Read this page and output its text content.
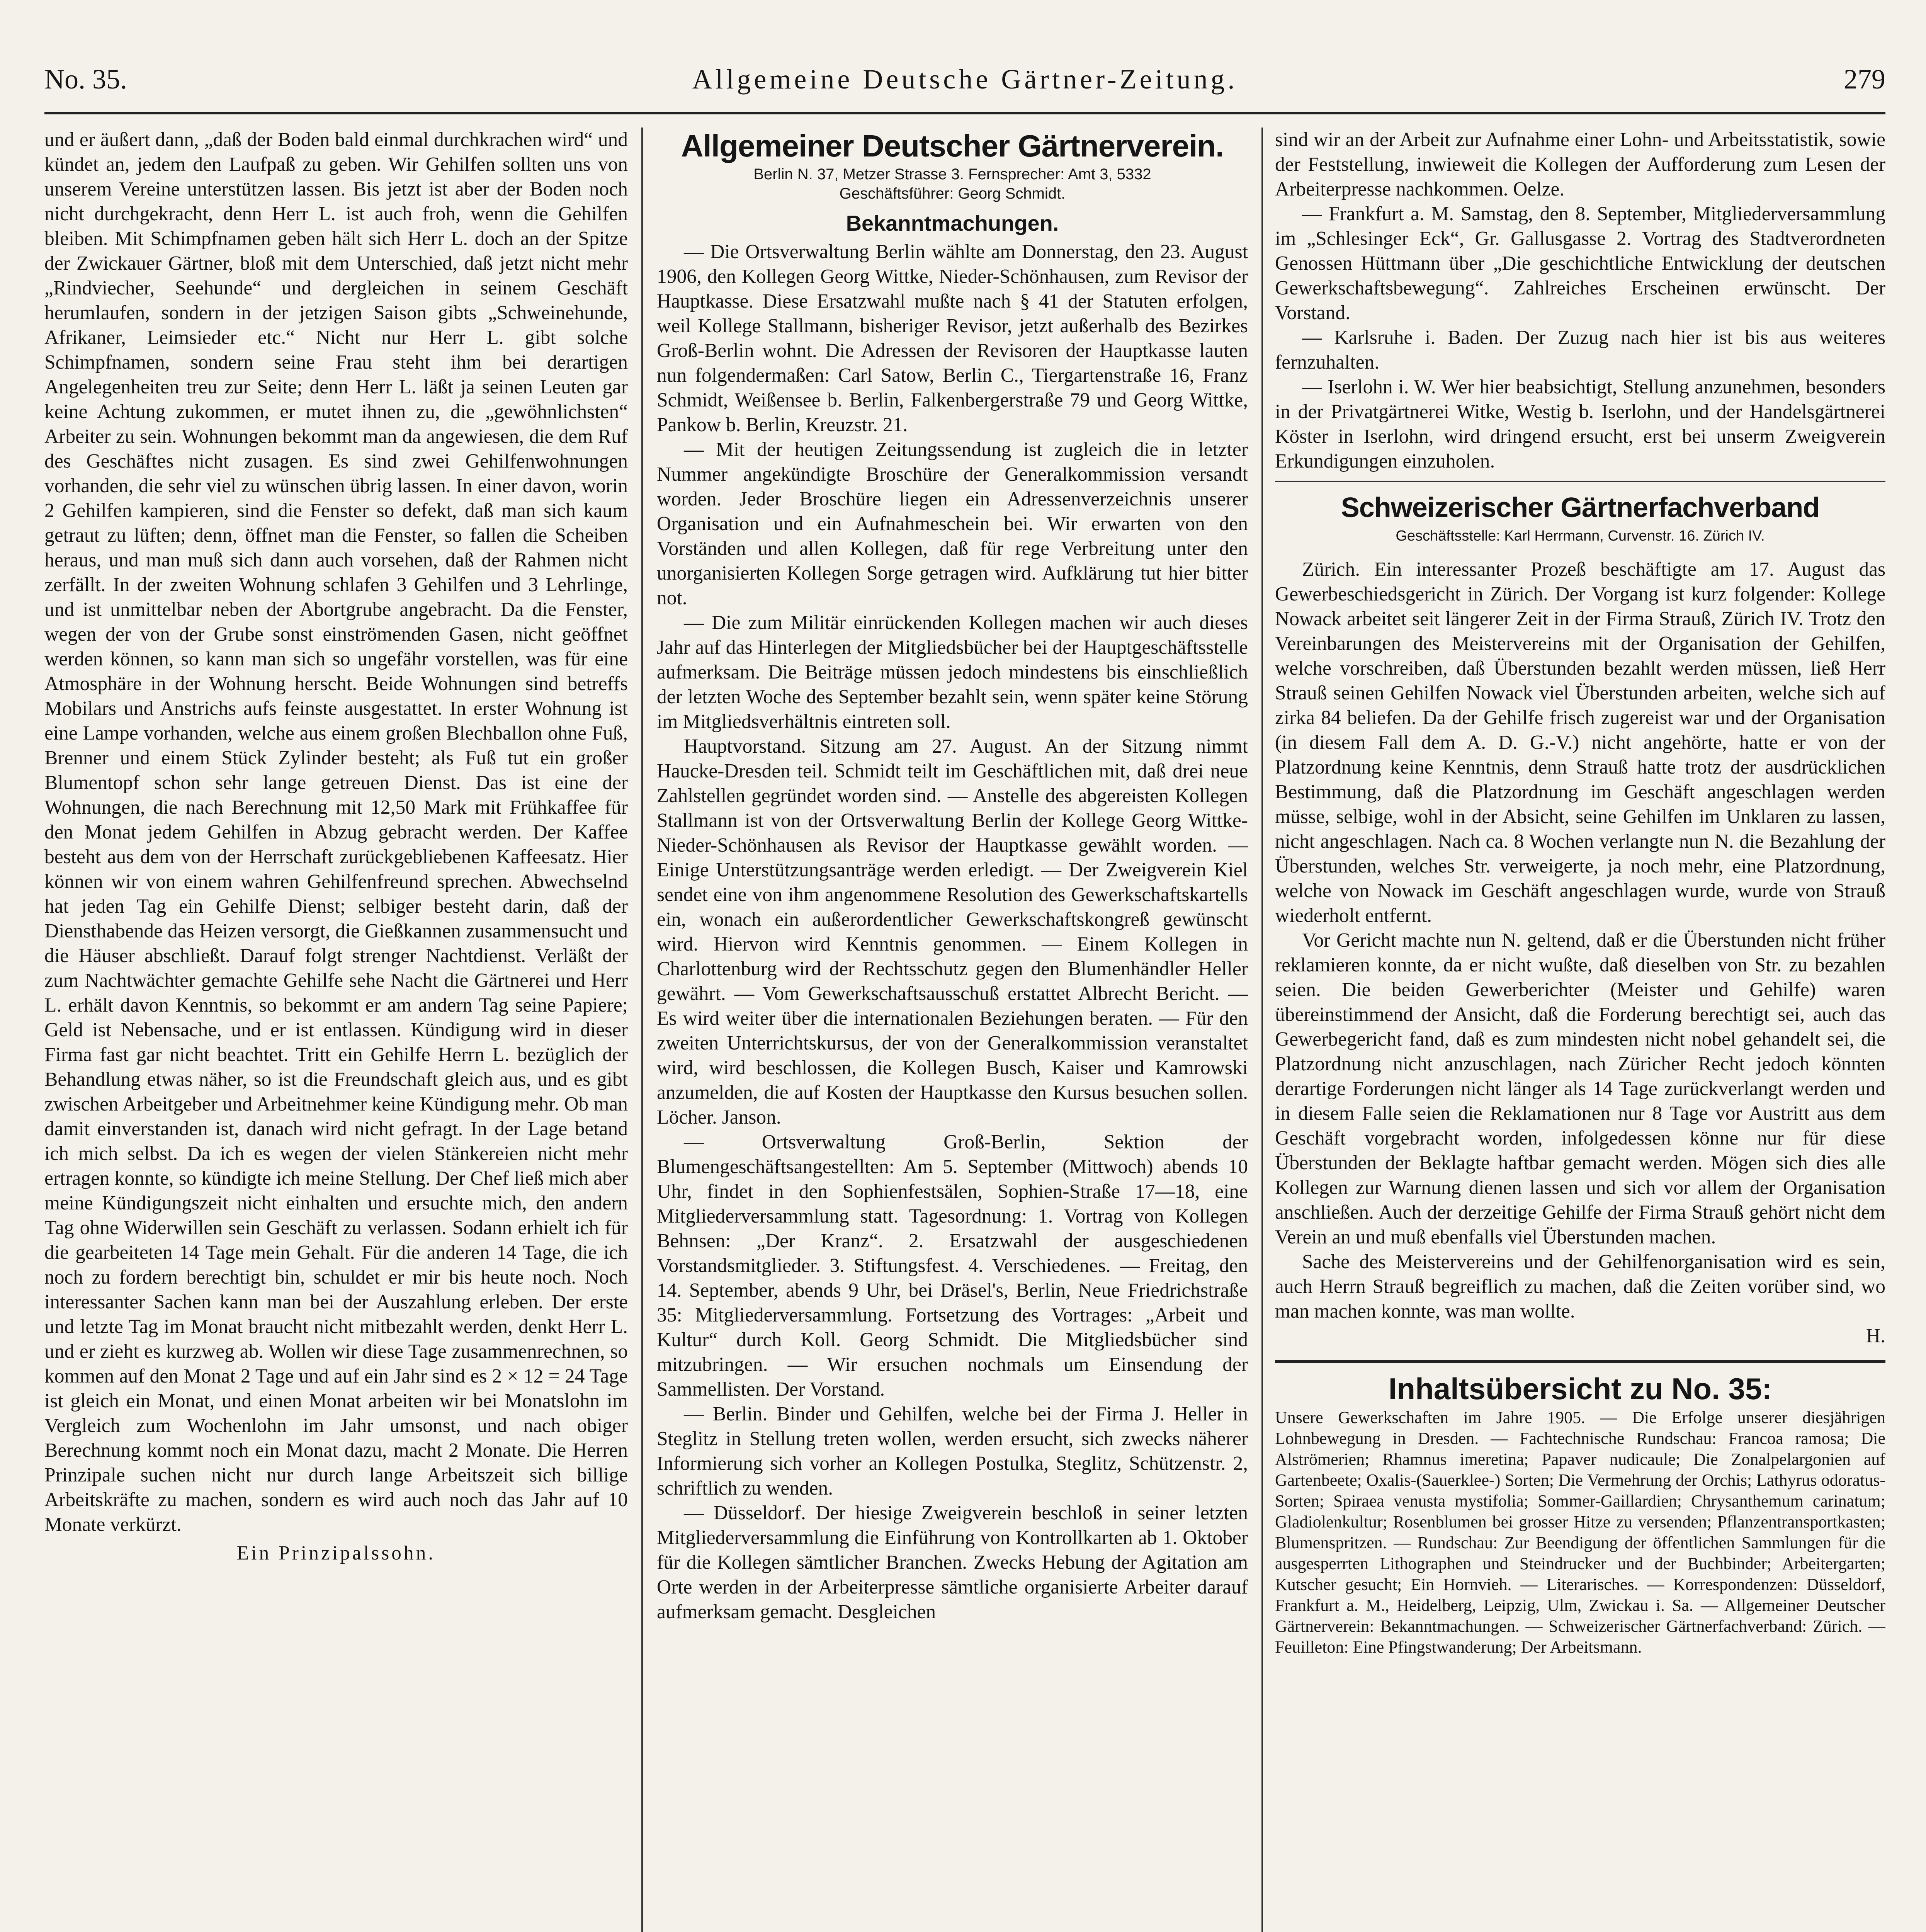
No. 35.	Allgemeine Deutsche Gärtner-Zeitung.	279

und er äußert dann, „daß der Boden bald einmal durchkrachen wird“ und kündet an, jedem den Laufpaß zu geben. Wir Gehilfen sollten uns von unserem Vereine unterstützen lassen. Bis jetzt ist aber der Boden noch nicht durchgekracht, denn Herr L. ist auch froh, wenn die Gehilfen bleiben. Mit Schimpfnamen geben hält sich Herr L. doch an der Spitze der Zwickauer Gärtner, bloß mit dem Unterschied, daß jetzt nicht mehr „Rindviecher, Seehunde“ und dergleichen in seinem Geschäft herumlaufen, sondern in der jetzigen Saison gibts „Schweinehunde, Afrikaner, Leimsieder etc.“ Nicht nur Herr L. gibt solche Schimpfnamen, sondern seine Frau steht ihm bei derartigen Angelegenheiten treu zur Seite; denn Herr L. läßt ja seinen Leuten gar keine Achtung zukommen, er mutet ihnen zu, die „gewöhnlichsten“ Arbeiter zu sein. Wohnungen bekommt man da angewiesen, die dem Ruf des Geschäftes nicht zusagen. Es sind zwei Gehilfenwohnungen vorhanden, die sehr viel zu wünschen übrig lassen. In einer davon, worin 2 Gehilfen kampieren, sind die Fenster so defekt, daß man sich kaum getraut zu lüften; denn, öffnet man die Fenster, so fallen die Scheiben heraus, und man muß sich dann auch vorsehen, daß der Rahmen nicht zerfällt. In der zweiten Wohnung schlafen 3 Gehilfen und 3 Lehrlinge, und ist unmittelbar neben der Abortgrube angebracht. Da die Fenster, wegen der von der Grube sonst einströmenden Gasen, nicht geöffnet werden können, so kann man sich so ungefähr vorstellen, was für eine Atmosphäre in der Wohnung herscht. Beide Wohnungen sind betreffs Mobilars und Anstrichs aufs feinste ausgestattet. In erster Wohnung ist eine Lampe vorhanden, welche aus einem großen Blechballon ohne Fuß, Brenner und einem Stück Zylinder besteht; als Fuß tut ein großer Blumentopf schon sehr lange getreuen Dienst. Das ist eine der Wohnungen, die nach Berechnung mit 12,50 Mark mit Frühkaffee für den Monat jedem Gehilfen in Abzug gebracht werden. Der Kaffee besteht aus dem von der Herrschaft zurückgebliebenen Kaffeesatz. Hier können wir von einem wahren Gehilfenfreund sprechen. Abwechselnd hat jeden Tag ein Gehilfe Dienst; selbiger besteht darin, daß der Diensthabende das Heizen versorgt, die Gießkannen zusammensucht und die Häuser abschließt. Darauf folgt strenger Nachtdienst. Verläßt der zum Nachtwächter gemachte Gehilfe sehe Nacht die Gärtnerei und Herr L. erhält davon Kenntnis, so bekommt er am andern Tag seine Papiere; Geld ist Nebensache, und er ist entlassen. Kündigung wird in dieser Firma fast gar nicht beachtet. Tritt ein Gehilfe Herrn L. bezüglich der Behandlung etwas näher, so ist die Freundschaft gleich aus, und es gibt zwischen Arbeitgeber und Arbeitnehmer keine Kündigung mehr. Ob man damit einverstanden ist, danach wird nicht gefragt. In der Lage betand ich mich selbst. Da ich es wegen der vielen Stänkereien nicht mehr ertragen konnte, so kündigte ich meine Stellung. Der Chef ließ mich aber meine Kündigungszeit nicht einhalten und ersuchte mich, den andern Tag ohne Widerwillen sein Geschäft zu verlassen. Sodann erhielt ich für die gearbeiteten 14 Tage mein Gehalt. Für die anderen 14 Tage, die ich noch zu fordern berechtigt bin, schuldet er mir bis heute noch. Noch interessanter Sachen kann man bei der Auszahlung erleben. Der erste und letzte Tag im Monat braucht nicht mitbezahlt werden, denkt Herr L. und er zieht es kurzweg ab. Wollen wir diese Tage zusammenrechnen, so kommen auf den Monat 2 Tage und auf ein Jahr sind es 2 × 12 = 24 Tage ist gleich ein Monat, und einen Monat arbeiten wir bei Monatslohn im Vergleich zum Wochenlohn im Jahr umsonst, und nach obiger Berechnung kommt noch ein Monat dazu, macht 2 Monate. Die Herren Prinzipale suchen nicht nur durch lange Arbeitszeit sich billige Arbeitskräfte zu machen, sondern es wird auch noch das Jahr auf 10 Monate verkürzt.

Ein Prinzipalssohn.

Allgemeiner Deutscher Gärtnerverein.
Berlin N. 37, Metzer Strasse 3. Fernsprecher: Amt 3, 5332
Geschäftsführer: Georg Schmidt.
Bekanntmachungen.

— Die Ortsverwaltung Berlin wählte am Donnerstag, den 23. August 1906, den Kollegen Georg Wittke, Nieder-Schönhausen, zum Revisor der Hauptkasse. Diese Ersatzwahl mußte nach § 41 der Statuten erfolgen, weil Kollege Stallmann, bisheriger Revisor, jetzt außerhalb des Bezirkes Groß-Berlin wohnt. Die Adressen der Revisoren der Hauptkasse lauten nun folgendermaßen: Carl Satow, Berlin C., Tiergartenstraße 16, Franz Schmidt, Weißensee b. Berlin, Falkenbergerstraße 79 und Georg Wittke, Pankow b. Berlin, Kreuzstr. 21.

— Mit der heutigen Zeitungssendung ist zugleich die in letzter Nummer angekündigte Broschüre der Generalkommission versandt worden. Jeder Broschüre liegen ein Adressenverzeichnis unserer Organisation und ein Aufnahmeschein bei. Wir erwarten von den Vorständen und allen Kollegen, daß für rege Verbreitung unter den unorganisierten Kollegen Sorge getragen wird. Aufklärung tut hier bitter not.

— Die zum Militär einrückenden Kollegen machen wir auch dieses Jahr auf das Hinterlegen der Mitgliedsbücher bei der Hauptgeschäftsstelle aufmerksam. Die Beiträge müssen jedoch mindestens bis einschließlich der letzten Woche des September bezahlt sein, wenn später keine Störung im Mitgliedsverhältnis eintreten soll.

Hauptvorstand. Sitzung am 27. August. An der Sitzung nimmt Haucke-Dresden teil. Schmidt teilt im Geschäftlichen mit, daß drei neue Zahlstellen gegründet worden sind. — Anstelle des abgereisten Kollegen Stallmann ist von der Ortsverwaltung Berlin der Kollege Georg Wittke-Nieder-Schönhausen als Revisor der Hauptkasse gewählt worden. — Einige Unterstützungsanträge werden erledigt. — Der Zweigverein Kiel sendet eine von ihm angenommene Resolution des Gewerkschaftskartells ein, wonach ein außerordentlicher Gewerkschaftskongreß gewünscht wird. Hiervon wird Kenntnis genommen. — Einem Kollegen in Charlottenburg wird der Rechtsschutz gegen den Blumenhändler Heller gewährt. — Vom Gewerkschaftsausschuß erstattet Albrecht Bericht. — Es wird weiter über die internationalen Beziehungen beraten. — Für den zweiten Unterrichtskursus, der von der Generalkommission veranstaltet wird, wird beschlossen, die Kollegen Busch, Kaiser und Kamrowski anzumelden, die auf Kosten der Hauptkasse den Kursus besuchen sollen. Löcher. Janson.

— Ortsverwaltung Groß-Berlin, Sektion der Blumengeschäftsangestellten: Am 5. September (Mittwoch) abends 10 Uhr, findet in den Sophienfestsälen, Sophien-Straße 17—18, eine Mitgliederversammlung statt. Tagesordnung: 1. Vortrag von Kollegen Behnsen: „Der Kranz“. 2. Ersatzwahl der ausgeschiedenen Vorstandsmitglieder. 3. Stiftungsfest. 4. Verschiedenes. — Freitag, den 14. September, abends 9 Uhr, bei Dräsel's, Berlin, Neue Friedrichstraße 35: Mitgliederversammlung. Fortsetzung des Vortrages: „Arbeit und Kultur“ durch Koll. Georg Schmidt. Die Mitgliedsbücher sind mitzubringen. — Wir ersuchen nochmals um Einsendung der Sammellisten. Der Vorstand.

— Berlin. Binder und Gehilfen, welche bei der Firma J. Heller in Steglitz in Stellung treten wollen, werden ersucht, sich zwecks näherer Informierung sich vorher an Kollegen Postulka, Steglitz, Schützenstr. 2, schriftlich zu wenden.

— Düsseldorf. Der hiesige Zweigverein beschloß in seiner letzten Mitgliederversammlung die Einführung von Kontrollkarten ab 1. Oktober für die Kollegen sämtlicher Branchen. Zwecks Hebung der Agitation am Orte werden in der Arbeiterpresse sämtliche organisierte Arbeiter darauf aufmerksam gemacht. Desgleichen

sind wir an der Arbeit zur Aufnahme einer Lohn- und Arbeitsstatistik, sowie der Feststellung, inwieweit die Kollegen der Aufforderung zum Lesen der Arbeiterpresse nachkommen. Oelze.

— Frankfurt a. M. Samstag, den 8. September, Mitgliederversammlung im „Schlesinger Eck“, Gr. Gallusgasse 2. Vortrag des Stadtverordneten Genossen Hüttmann über „Die geschichtliche Entwicklung der deutschen Gewerkschaftsbewegung“. Zahlreiches Erscheinen erwünscht. Der Vorstand.

— Karlsruhe i. Baden. Der Zuzug nach hier ist bis aus weiteres fernzuhalten.

— Iserlohn i. W. Wer hier beabsichtigt, Stellung anzunehmen, besonders in der Privatgärtnerei Witke, Westig b. Iserlohn, und der Handelsgärtnerei Köster in Iserlohn, wird dringend ersucht, erst bei unserm Zweigverein Erkundigungen einzuholen.

Schweizerischer Gärtnerfachverband
Geschäftsstelle: Karl Herrmann, Curvenstr. 16. Zürich IV.

Zürich. Ein interessanter Prozeß beschäftigte am 17. August das Gewerbeschiedsgericht in Zürich. Der Vorgang ist kurz folgender: Kollege Nowack arbeitet seit längerer Zeit in der Firma Strauß, Zürich IV. Trotz den Vereinbarungen des Meistervereins mit der Organisation der Gehilfen, welche vorschreiben, daß Überstunden bezahlt werden müssen, ließ Herr Strauß seinen Gehilfen Nowack viel Überstunden arbeiten, welche sich auf zirka 84 beliefen. Da der Gehilfe frisch zugereist war und der Organisation (in diesem Fall dem A. D. G.-V.) nicht angehörte, hatte er von der Platzordnung keine Kenntnis, denn Strauß hatte trotz der ausdrücklichen Bestimmung, daß die Platzordnung im Geschäft angeschlagen werden müsse, selbige, wohl in der Absicht, seine Gehilfen im Unklaren zu lassen, nicht angeschlagen. Nach ca. 8 Wochen verlangte nun N. die Bezahlung der Überstunden, welches Str. verweigerte, ja noch mehr, eine Platzordnung, welche von Nowack im Geschäft angeschlagen wurde, wurde von Strauß wiederholt entfernt.

Vor Gericht machte nun N. geltend, daß er die Überstunden nicht früher reklamieren konnte, da er nicht wußte, daß dieselben von Str. zu bezahlen seien. Die beiden Gewerberichter (Meister und Gehilfe) waren übereinstimmend der Ansicht, daß die Forderung berechtigt sei, auch das Gewerbegericht fand, daß es zum mindesten nicht nobel gehandelt sei, die Platzordnung nicht anzuschlagen, nach Züricher Recht jedoch könnten derartige Forderungen nicht länger als 14 Tage zurückverlangt werden und in diesem Falle seien die Reklamationen nur 8 Tage vor Austritt aus dem Geschäft vorgebracht worden, infolgedessen könne nur für diese Überstunden der Beklagte haftbar gemacht werden. Mögen sich dies alle Kollegen zur Warnung dienen lassen und sich vor allem der Organisation anschließen. Auch der derzeitige Gehilfe der Firma Strauß gehört nicht dem Verein an und muß ebenfalls viel Überstunden machen.

Sache des Meistervereins und der Gehilfenorganisation wird es sein, auch Herrn Strauß begreiflich zu machen, daß die Zeiten vorüber sind, wo man machen konnte, was man wollte.

H.

Inhaltsübersicht zu No. 35:
Unsere Gewerkschaften im Jahre 1905. — Die Erfolge unserer diesjährigen Lohnbewegung in Dresden. — Fachtechnische Rundschau: Francoa ramosa; Die Alströmerien; Rhamnus imeretina; Papaver nudicaule; Die Zonalpelargonien auf Gartenbeete; Oxalis-(Sauerklee-) Sorten; Die Vermehrung der Orchis; Lathyrus odoratus-Sorten; Spiraea venusta mystifolia; Sommer-Gaillardien; Chrysanthemum carinatum; Gladiolenkultur; Rosenblumen bei grosser Hitze zu versenden; Pflanzentransportkasten; Blumenspritzen. — Rundschau: Zur Beendigung der öffentlichen Sammlungen für die ausgesperrten Lithographen und Steindrucker und der Buchbinder; Arbeitergarten; Kutscher gesucht; Ein Hornvieh. — Literarisches. — Korrespondenzen: Düsseldorf, Frankfurt a. M., Heidelberg, Leipzig, Ulm, Zwickau i. Sa. — Allgemeiner Deutscher Gärtnerverein: Bekanntmachungen. — Schweizerischer Gärtnerfachverband: Zürich. — Feuilleton: Eine Pfingstwanderung; Der Arbeitsmann.
